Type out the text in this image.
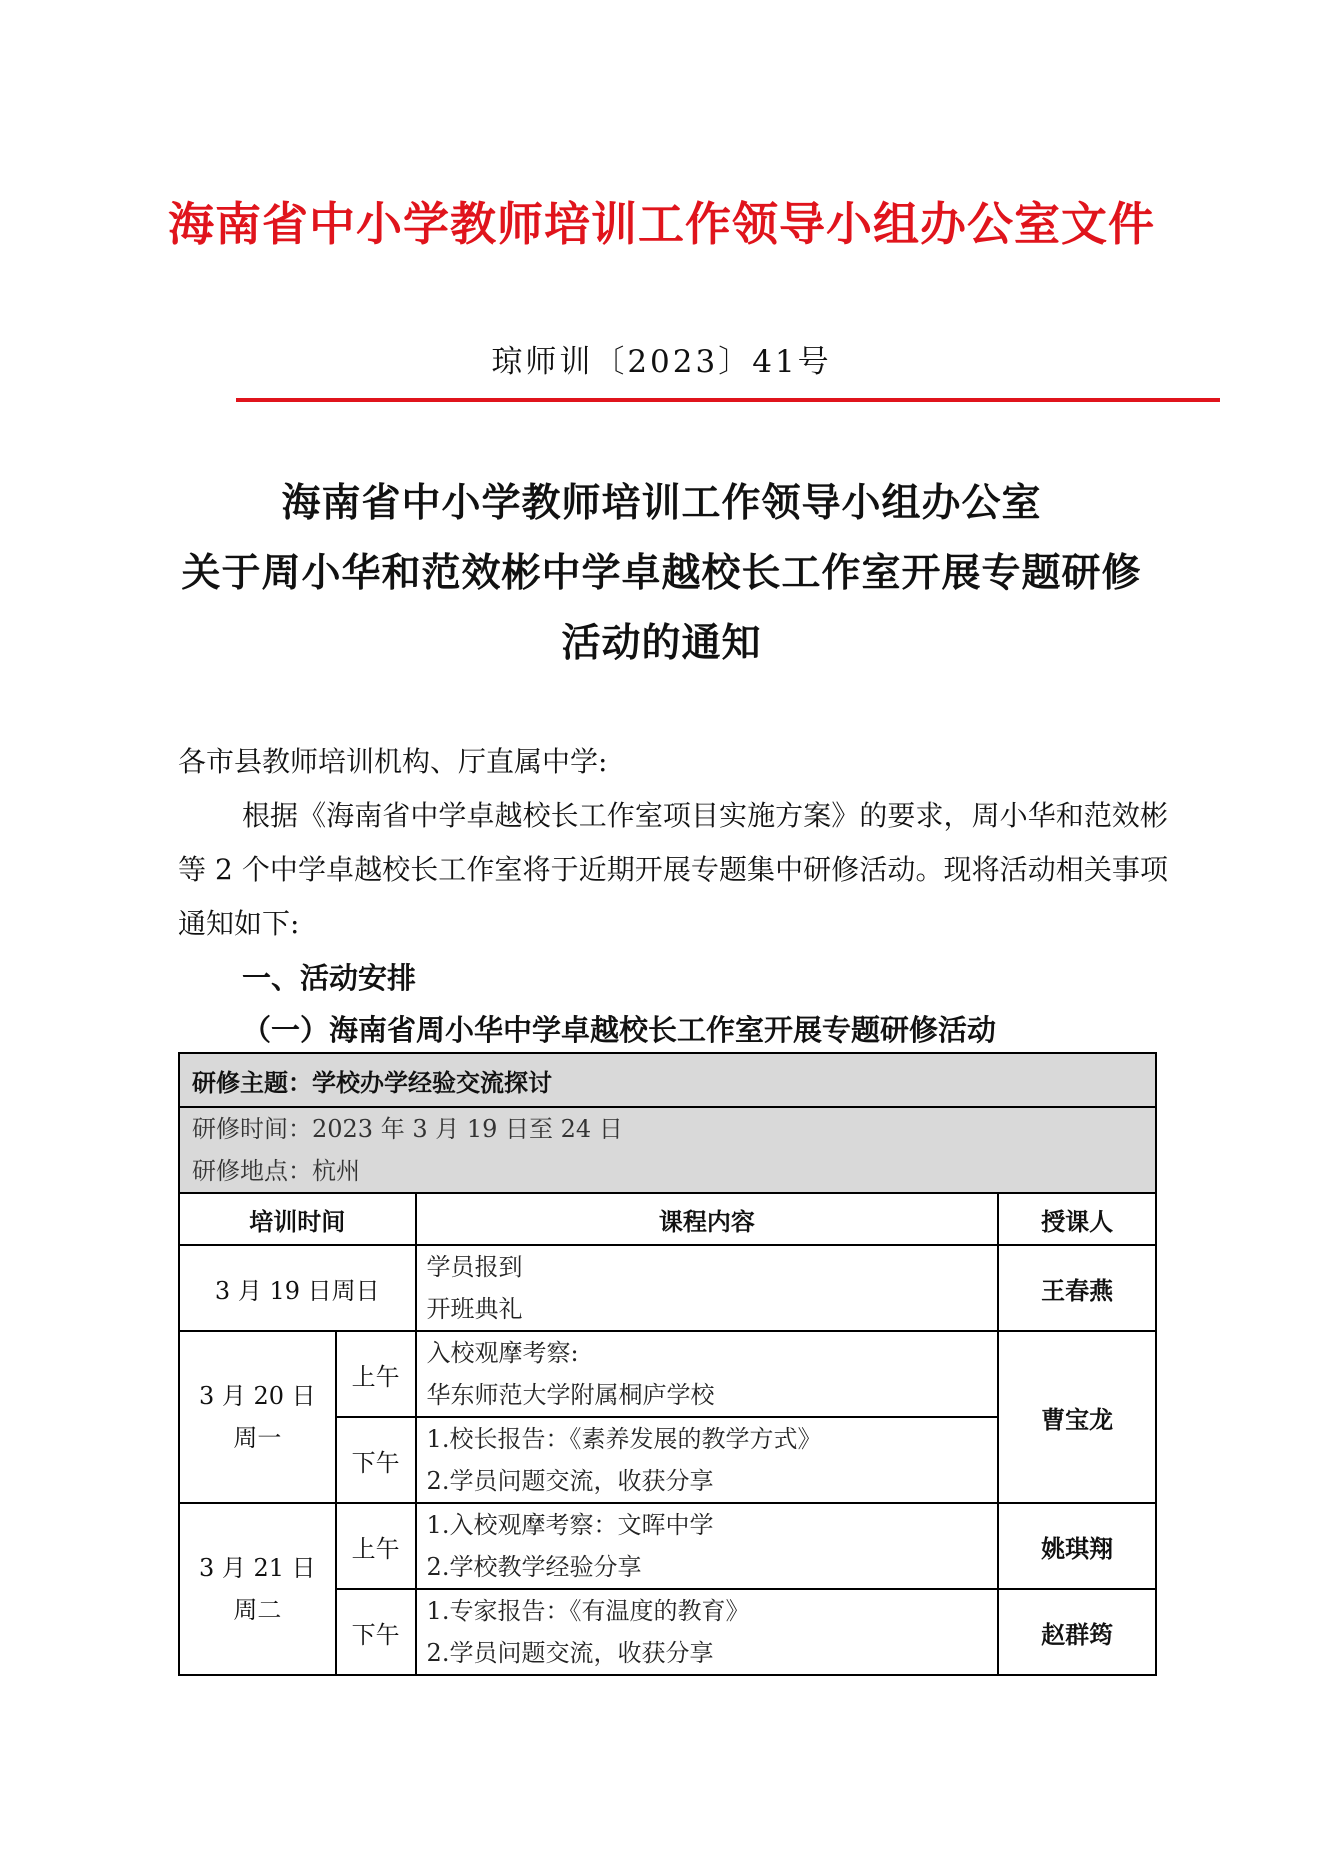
海南省中小学教师培训工作领导小组办公室文件
琼师训〔2023〕41号
海南省中小学教师培训工作领导小组办公室
关于周小华和范效彬中学卓越校长工作室开展专题研修
活动的通知
各市县教师培训机构、厅直属中学:
根据《海南省中学卓越校长工作室项目实施方案》的要求，周小华和范效彬等 2 个中学卓越校长工作室将于近期开展专题集中研修活动。现将活动相关事项通知如下:
一、活动安排
（一）海南省周小华中学卓越校长工作室开展专题研修活动
研修主题：学校办学经验交流探讨			

研修时间：2023 年 3 月 19 日至 24 日
研修地点：杭州			

培训时间		课程内容	授课人
3 月 19 日周日		学员报到
开班典礼	王春燕

3 月 20 日
周一	上午	入校观摩考察:
华东师范大学附属桐庐学校	曹宝龙
	下午	1.校长报告：《素养发展的教学方式》
2.学员问题交流，收获分享	

3 月 21 日
周二	上午	1.入校观摩考察：文晖中学
2.学校教学经验分享	姚琪翔
	下午	1.专家报告：《有温度的教育》
2.学员问题交流，收获分享	赵群筠
